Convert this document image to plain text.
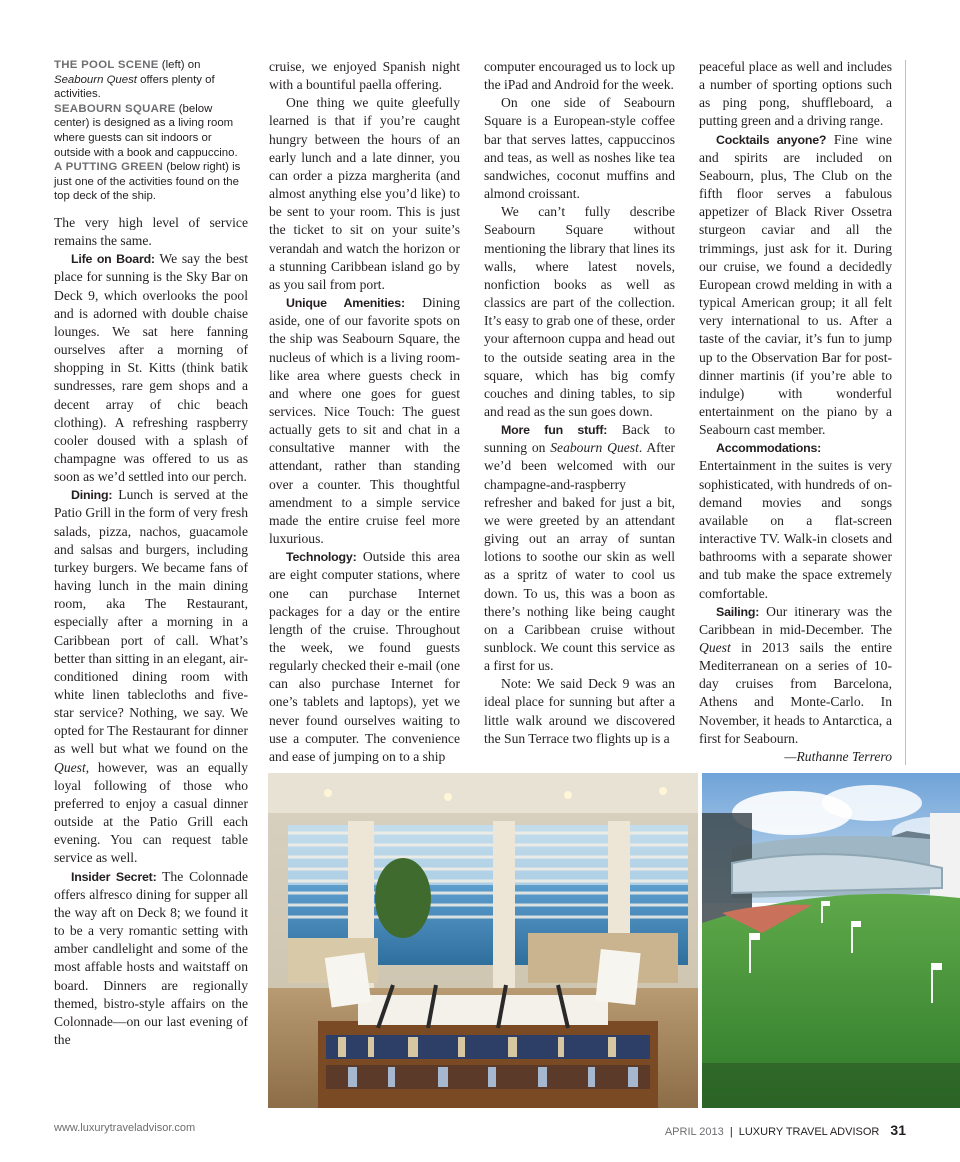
THE POOL SCENE (left) on Seabourn Quest offers plenty of activities.

SEABOURN SQUARE (below center) is designed as a living room where guests can sit indoors or outside with a book and cappuccino.

A PUTTING GREEN (below right) is just one of the activities found on the top deck of the ship.

The very high level of service remains the same.

Life on Board: We say the best place for sunning is the Sky Bar on Deck 9, which overlooks the pool and is adorned with double chaise lounges. We sat here fanning ourselves after a morning of shopping in St. Kitts (think batik sundresses, rare gem shops and a decent array of chic beach clothing). A refreshing raspberry cooler doused with a splash of champagne was offered to us as soon as we’d settled into our perch.

Dining: Lunch is served at the Patio Grill in the form of very fresh salads, pizza, nachos, guacamole and salsas and burgers, including turkey burgers. We became fans of having lunch in the main dining room, aka The Restaurant, especially after a morning in a Caribbean port of call. What’s better than sitting in an elegant, air-conditioned dining room with white linen tablecloths and five-star service? Nothing, we say. We opted for The Restaurant for dinner as well but what we found on the Quest, however, was an equally loyal following of those who preferred to enjoy a casual dinner outside at the Patio Grill each evening. You can request table service as well.

Insider Secret: The Colonnade offers alfresco dining for supper all the way aft on Deck 8; we found it to be a very romantic setting with amber candlelight and some of the most affable hosts and waitstaff on board. Dinners are regionally themed, bistro-style affairs on the Colonnade—on our last evening of the

cruise, we enjoyed Spanish night with a bountiful paella offering.

One thing we quite gleefully learned is that if you’re caught hungry between the hours of an early lunch and a late dinner, you can order a pizza margherita (and almost anything else you’d like) to be sent to your room. This is just the ticket to sit on your suite’s verandah and watch the horizon or a stunning Caribbean island go by as you sail from port.

Unique Amenities: Dining aside, one of our favorite spots on the ship was Seabourn Square, the nucleus of which is a living room-like area where guests check in and where one goes for guest services. Nice Touch: The guest actually gets to sit and chat in a consultative manner with the attendant, rather than standing over a counter. This thoughtful amendment to a simple service made the entire cruise feel more luxurious.

Technology: Outside this area are eight computer stations, where one can purchase Internet packages for a day or the entire length of the cruise. Throughout the week, we found guests regularly checked their e-mail (one can also purchase Internet for one’s tablets and laptops), yet we never found ourselves waiting to use a computer. The convenience and ease of jumping on to a ship

computer encouraged us to lock up the iPad and Android for the week.

On one side of Seabourn Square is a European-style coffee bar that serves lattes, cappuccinos and teas, as well as noshes like tea sandwiches, coconut muffins and almond croissant.

We can’t fully describe Seabourn Square without mentioning the library that lines its walls, where latest novels, nonfiction books as well as classics are part of the collection. It’s easy to grab one of these, order your afternoon cuppa and head out to the outside seating area in the square, which has big comfy couches and dining tables, to sip and read as the sun goes down.

More fun stuff: Back to sunning on Seabourn Quest. After we’d been welcomed with our champagne-and-raspberry refresher and baked for just a bit, we were greeted by an attendant giving out an array of suntan lotions to soothe our skin as well as a spritz of water to cool us down. To us, this was a boon as there’s nothing like being caught on a Caribbean cruise without sunblock. We count this service as a first for us.

Note: We said Deck 9 was an ideal place for sunning but after a little walk around we discovered the Sun Terrace two flights up is a

peaceful place as well and includes a number of sporting options such as ping pong, shuffleboard, a putting green and a driving range.

Cocktails anyone? Fine wine and spirits are included on Seabourn, plus, The Club on the fifth floor serves a fabulous appetizer of Black River Ossetra sturgeon caviar and all the trimmings, just ask for it. During our cruise, we found a decidedly European crowd melding in with a typical American group; it all felt very international to us. After a taste of the caviar, it’s fun to jump up to the Observation Bar for post-dinner martinis (if you’re able to indulge) with wonderful entertainment on the piano by a Seabourn cast member.

Accommodations: Entertainment in the suites is very sophisticated, with hundreds of on-demand movies and songs available on a flat-screen interactive TV. Walk-in closets and bathrooms with a separate shower and tub make the space extremely comfortable.

Sailing: Our itinerary was the Caribbean in mid-December. The Quest in 2013 sails the entire Mediterranean on a series of 10-day cruises from Barcelona, Athens and Monte-Carlo. In November, it heads to Antarctica, a first for Seabourn.

—Ruthanne Terrero

www.luxurytraveladvisor.com	APRIL 2013 | LUXURY TRAVEL ADVISOR 31
